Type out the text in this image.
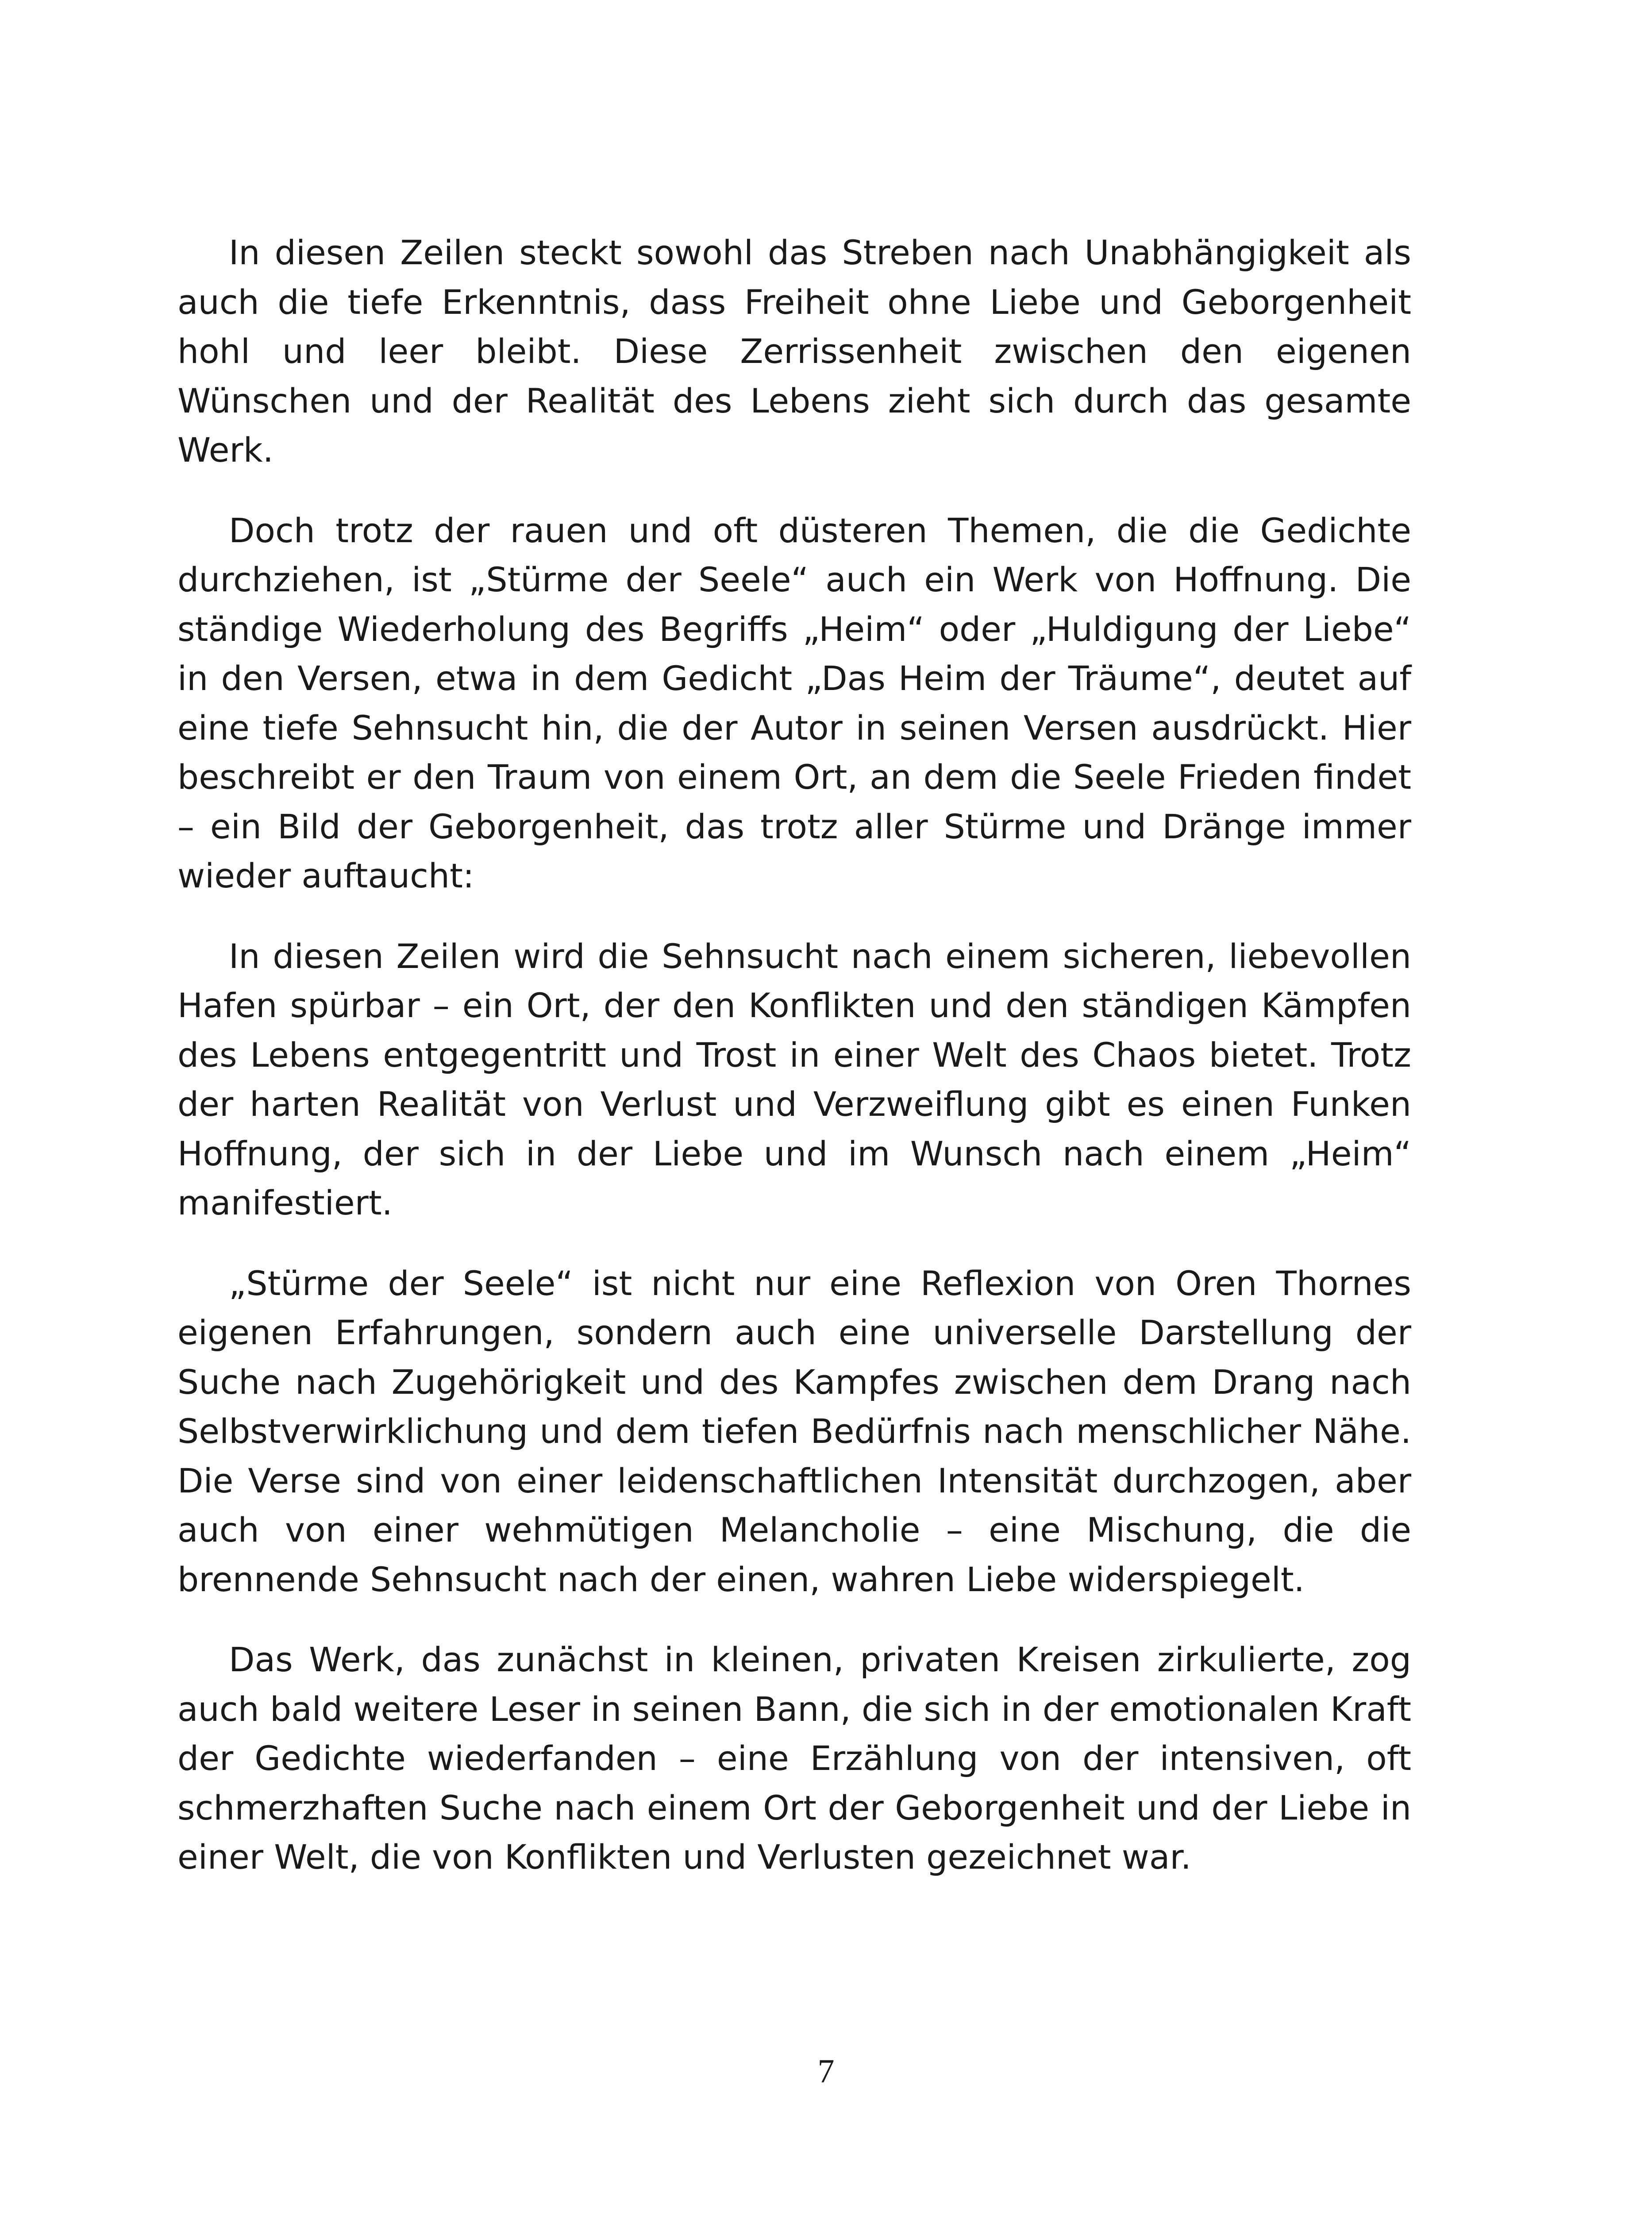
In diesen Zeilen steckt sowohl das Streben nach Unabhängigkeit als auch die tiefe Erkenntnis, dass Freiheit ohne Liebe und Geborgenheit hohl und leer bleibt. Diese Zerrissenheit zwischen den eigenen Wünschen und der Realität des Lebens zieht sich durch das gesamte Werk.

Doch trotz der rauen und oft düsteren Themen, die die Gedichte durchziehen, ist „Stürme der Seele“ auch ein Werk von Hoffnung. Die ständige Wiederholung des Begriffs „Heim“ oder „Huldigung der Liebe“ in den Versen, etwa in dem Gedicht „Das Heim der Träume“, deutet auf eine tiefe Sehnsucht hin, die der Autor in seinen Versen ausdrückt. Hier beschreibt er den Traum von einem Ort, an dem die Seele Frieden findet – ein Bild der Geborgenheit, das trotz aller Stürme und Dränge immer wieder auftaucht:

In diesen Zeilen wird die Sehnsucht nach einem sicheren, liebevollen Hafen spürbar – ein Ort, der den Konflikten und den ständigen Kämpfen des Lebens entgegentritt und Trost in einer Welt des Chaos bietet. Trotz der harten Realität von Verlust und Verzweiflung gibt es einen Funken Hoffnung, der sich in der Liebe und im Wunsch nach einem „Heim“ manifestiert.

„Stürme der Seele“ ist nicht nur eine Reflexion von Oren Thornes eigenen Erfahrungen, sondern auch eine universelle Darstellung der Suche nach Zugehörigkeit und des Kampfes zwischen dem Drang nach Selbstverwirklichung und dem tiefen Bedürfnis nach menschlicher Nähe. Die Verse sind von einer leidenschaftlichen Intensität durchzogen, aber auch von einer wehmütigen Melancholie – eine Mischung, die die brennende Sehnsucht nach der einen, wahren Liebe widerspiegelt.

Das Werk, das zunächst in kleinen, privaten Kreisen zirkulierte, zog auch bald weitere Leser in seinen Bann, die sich in der emotionalen Kraft der Gedichte wiederfanden – eine Erzählung von der intensiven, oft schmerzhaften Suche nach einem Ort der Geborgenheit und der Liebe in einer Welt, die von Konflikten und Verlusten gezeichnet war.

7
